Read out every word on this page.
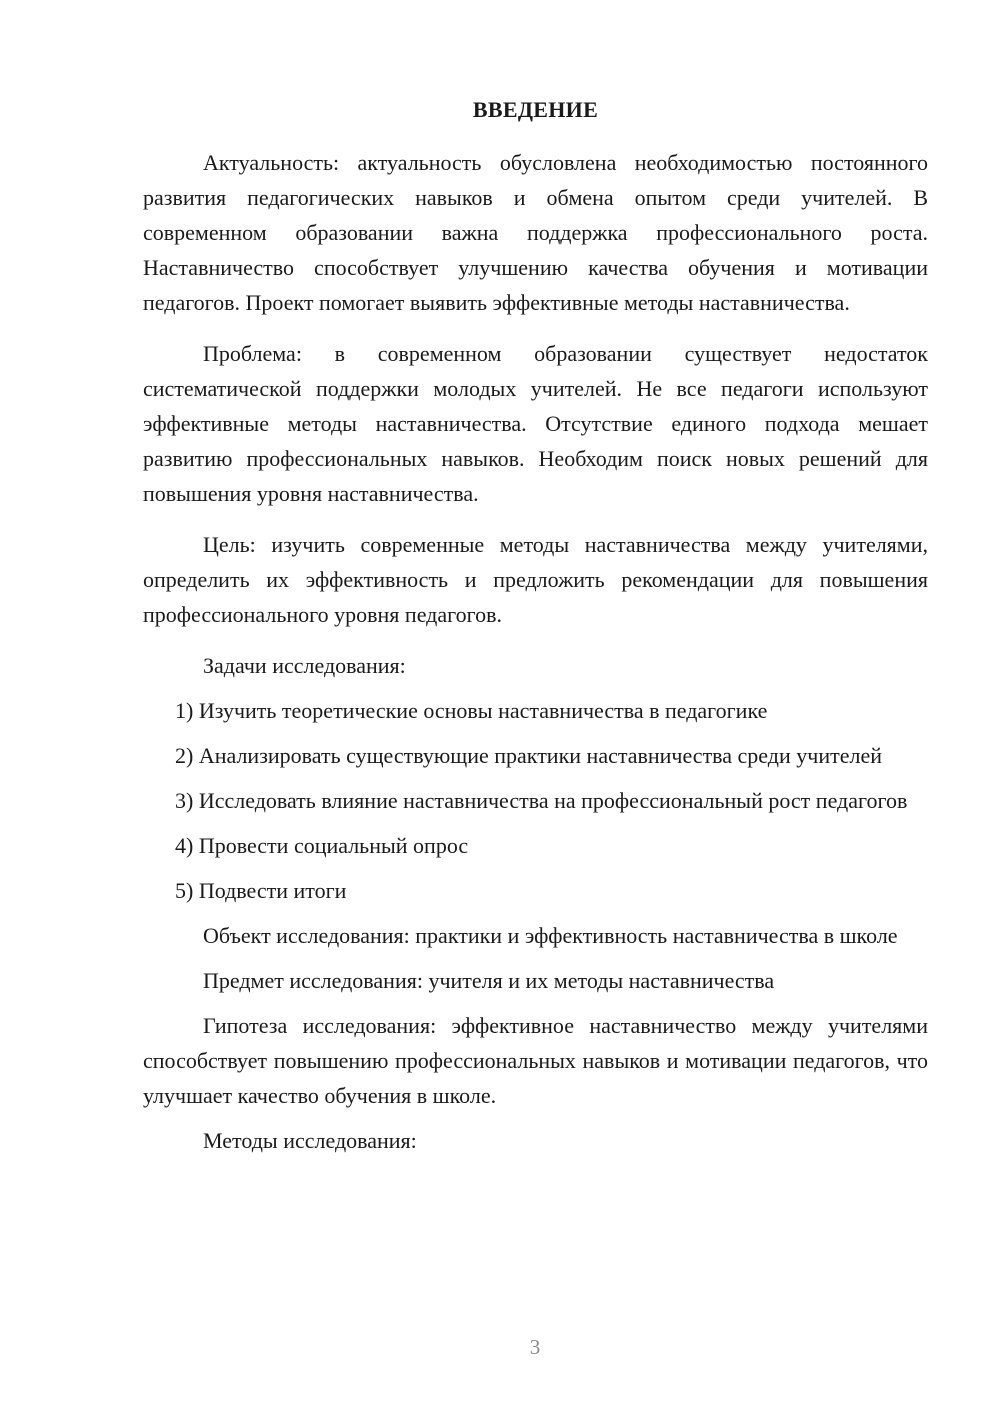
ВВЕДЕНИЕ

Актуальность: актуальность обусловлена необходимостью постоянного развития педагогических навыков и обмена опытом среди учителей. В современном образовании важна поддержка профессионального роста. Наставничество способствует улучшению качества обучения и мотивации педагогов. Проект помогает выявить эффективные методы наставничества.

Проблема: в современном образовании существует недостаток систематической поддержки молодых учителей. Не все педагоги используют эффективные методы наставничества. Отсутствие единого подхода мешает развитию профессиональных навыков. Необходим поиск новых решений для повышения уровня наставничества.

Цель: изучить современные методы наставничества между учителями, определить их эффективность и предложить рекомендации для повышения профессионального уровня педагогов.

Задачи исследования:

1) Изучить теоретические основы наставничества в педагогике

2) Анализировать существующие практики наставничества среди учителей

3) Исследовать влияние наставничества на профессиональный рост педагогов

4) Провести социальный опрос

5) Подвести итоги

Объект исследования: практики и эффективность наставничества в школе

Предмет исследования: учителя и их методы наставничества

Гипотеза исследования: эффективное наставничество между учителями способствует повышению профессиональных навыков и мотивации педагогов, что улучшает качество обучения в школе.

Методы исследования:

3
